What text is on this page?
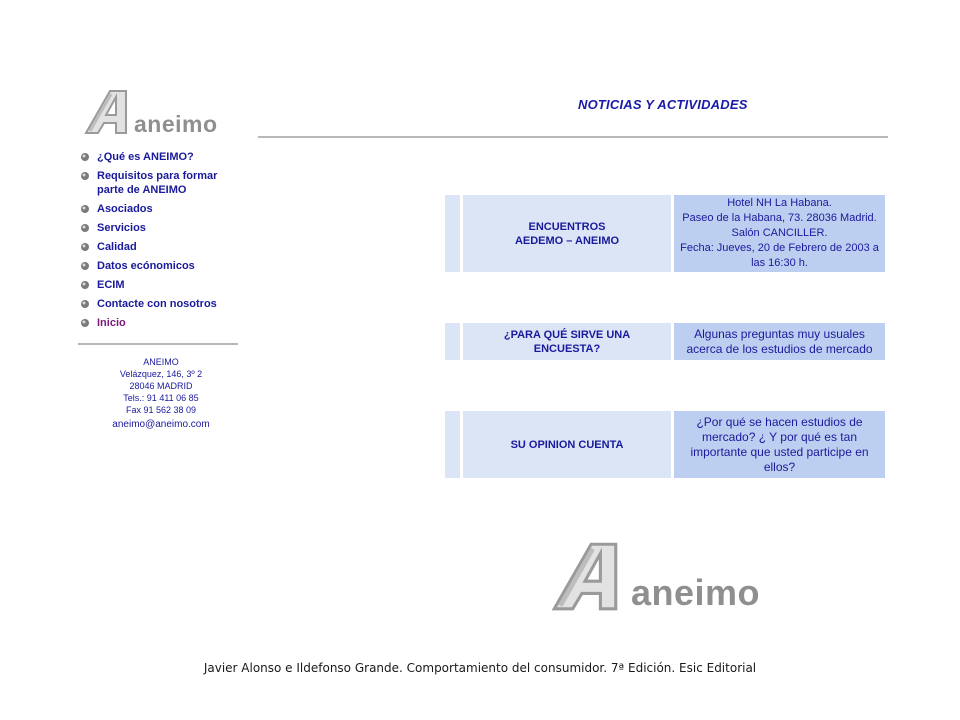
aneimo
NOTICIAS Y ACTIVIDADES
¿Qué es ANEIMO?
Requisitos para formar parte de ANEIMO
Asociados
Servicios
Calidad
Datos ecónomicos
ECIM
Contacte con nosotros
Inicio
ANEIMO
Velázquez, 146, 3º 2
28046 MADRID
Tels.: 91 411 06 85
Fax 91 562 38 09
aneimo@aneimo.com
ENCUENTROS
AEDEMO – ANEIMO
Hotel NH La Habana.
Paseo de la Habana, 73. 28036 Madrid.
Salón CANCILLER.
Fecha: Jueves, 20 de Febrero de 2003 a
las 16:30 h.
¿PARA QUÉ SIRVE UNA
ENCUESTA?
Algunas preguntas muy usuales
acerca de los estudios de mercado
SU OPINION CUENTA
¿Por qué se hacen estudios de
mercado? ¿ Y por qué es tan
importante que usted participe en
ellos?
aneimo
Javier Alonso e Ildefonso Grande. Comportamiento del consumidor. 7ª Edición. Esic Editorial
